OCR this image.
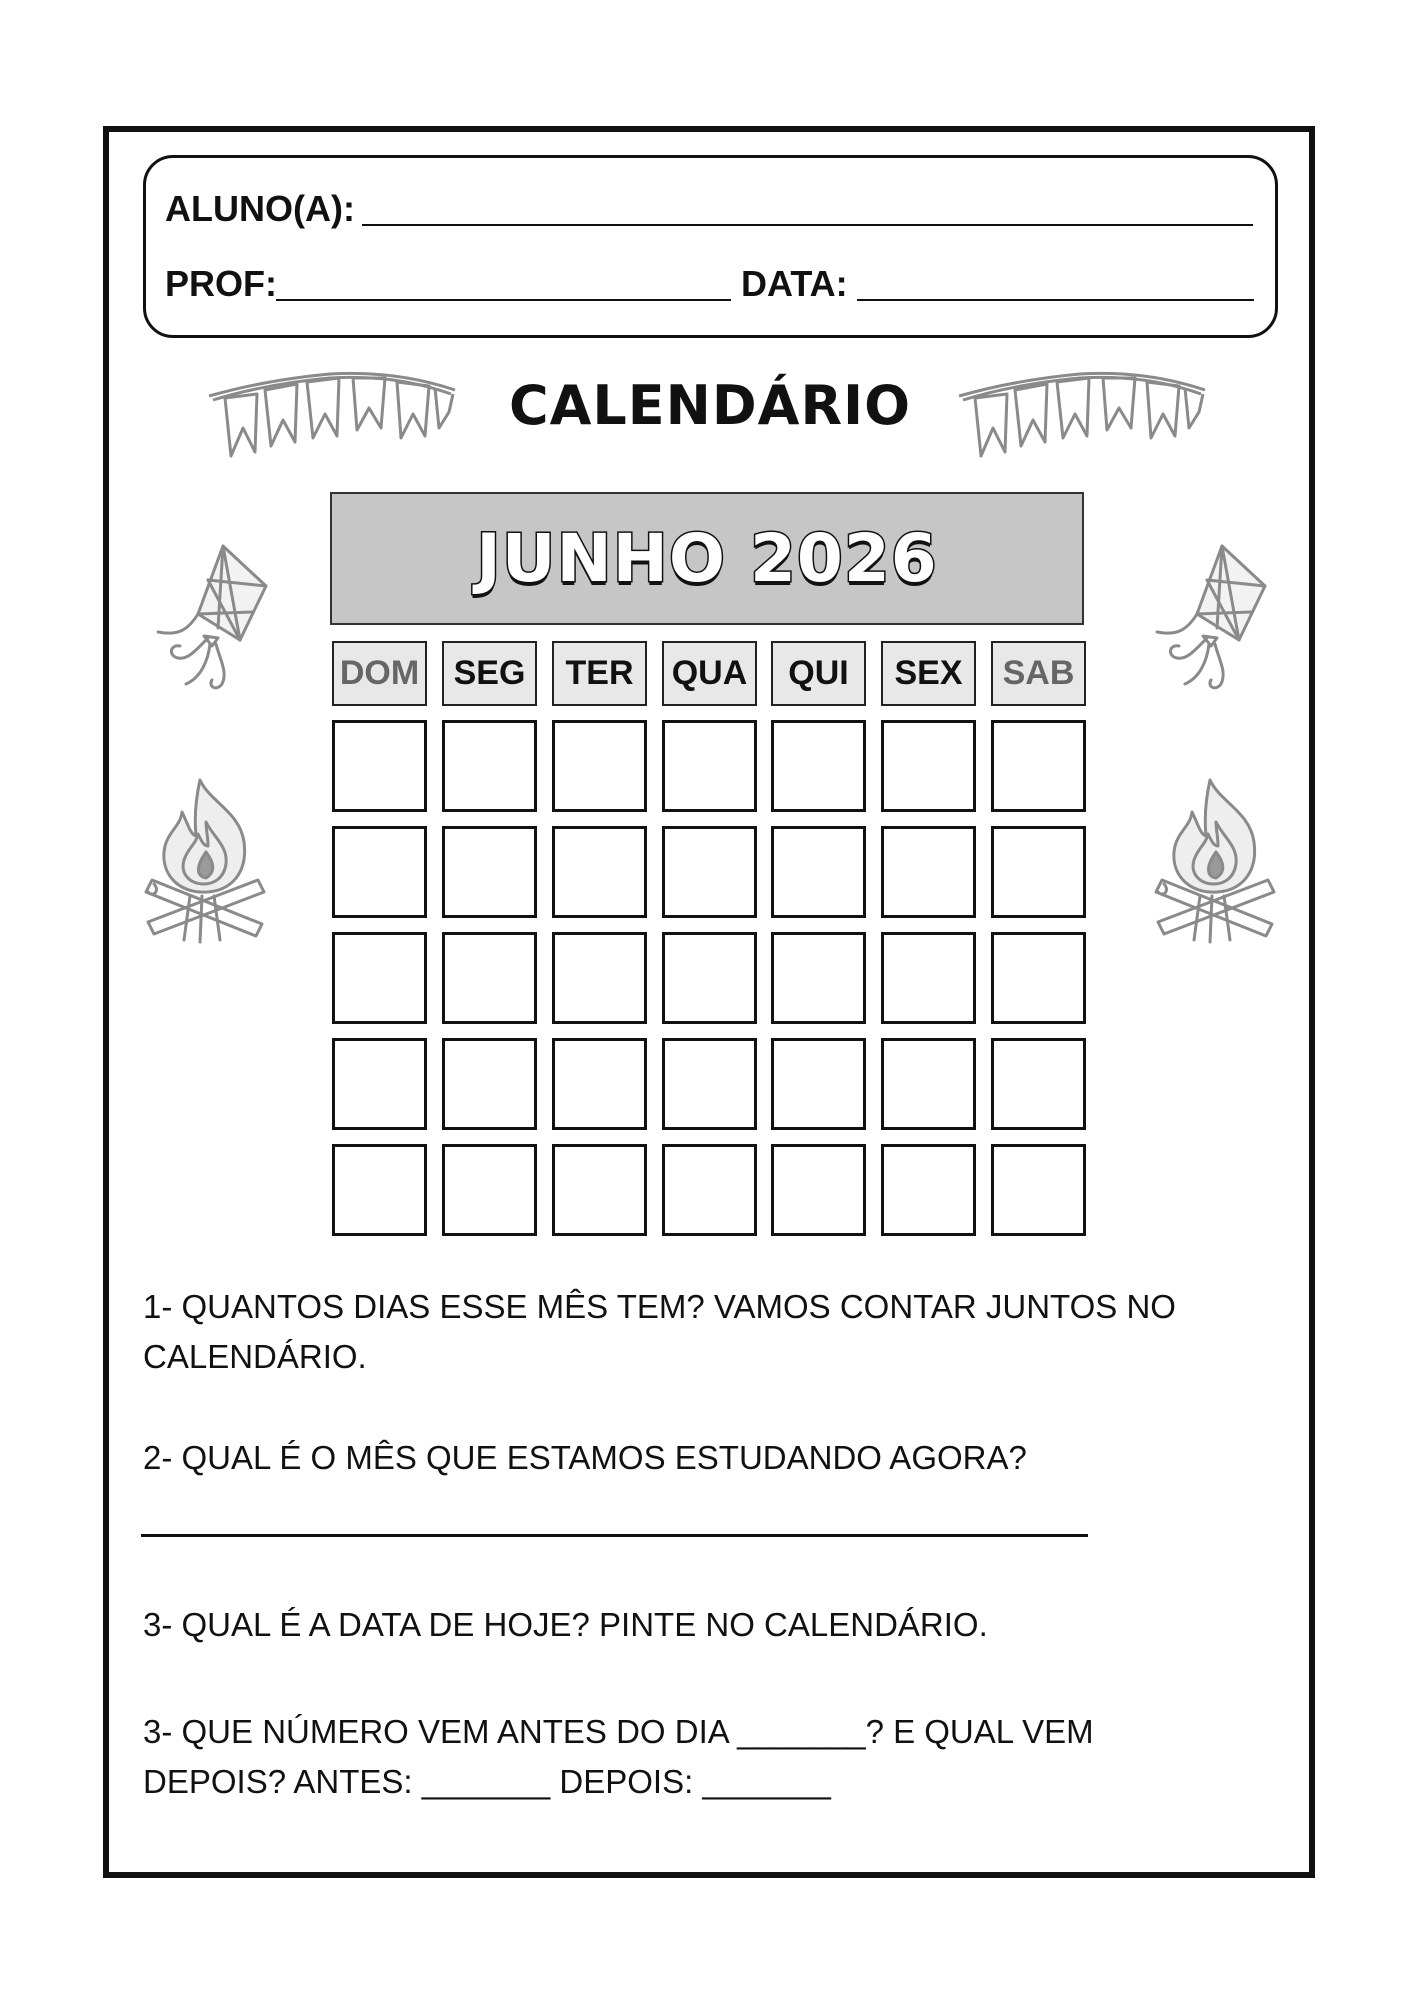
ALUNO(A):
PROF:	DATA:
CALENDÁRIO
JUNHO 2026
DOM	SEG	TER	QUA	QUI	SEX	SAB
1- QUANTOS DIAS ESSE MÊS TEM? VAMOS CONTAR JUNTOS NO CALENDÁRIO.
2- QUAL É O MÊS QUE ESTAMOS ESTUDANDO AGORA?
3- QUAL É A DATA DE HOJE? PINTE NO CALENDÁRIO.
3- QUE NÚMERO VEM ANTES DO DIA _______? E QUAL VEM
DEPOIS? ANTES: _______ DEPOIS: _______
